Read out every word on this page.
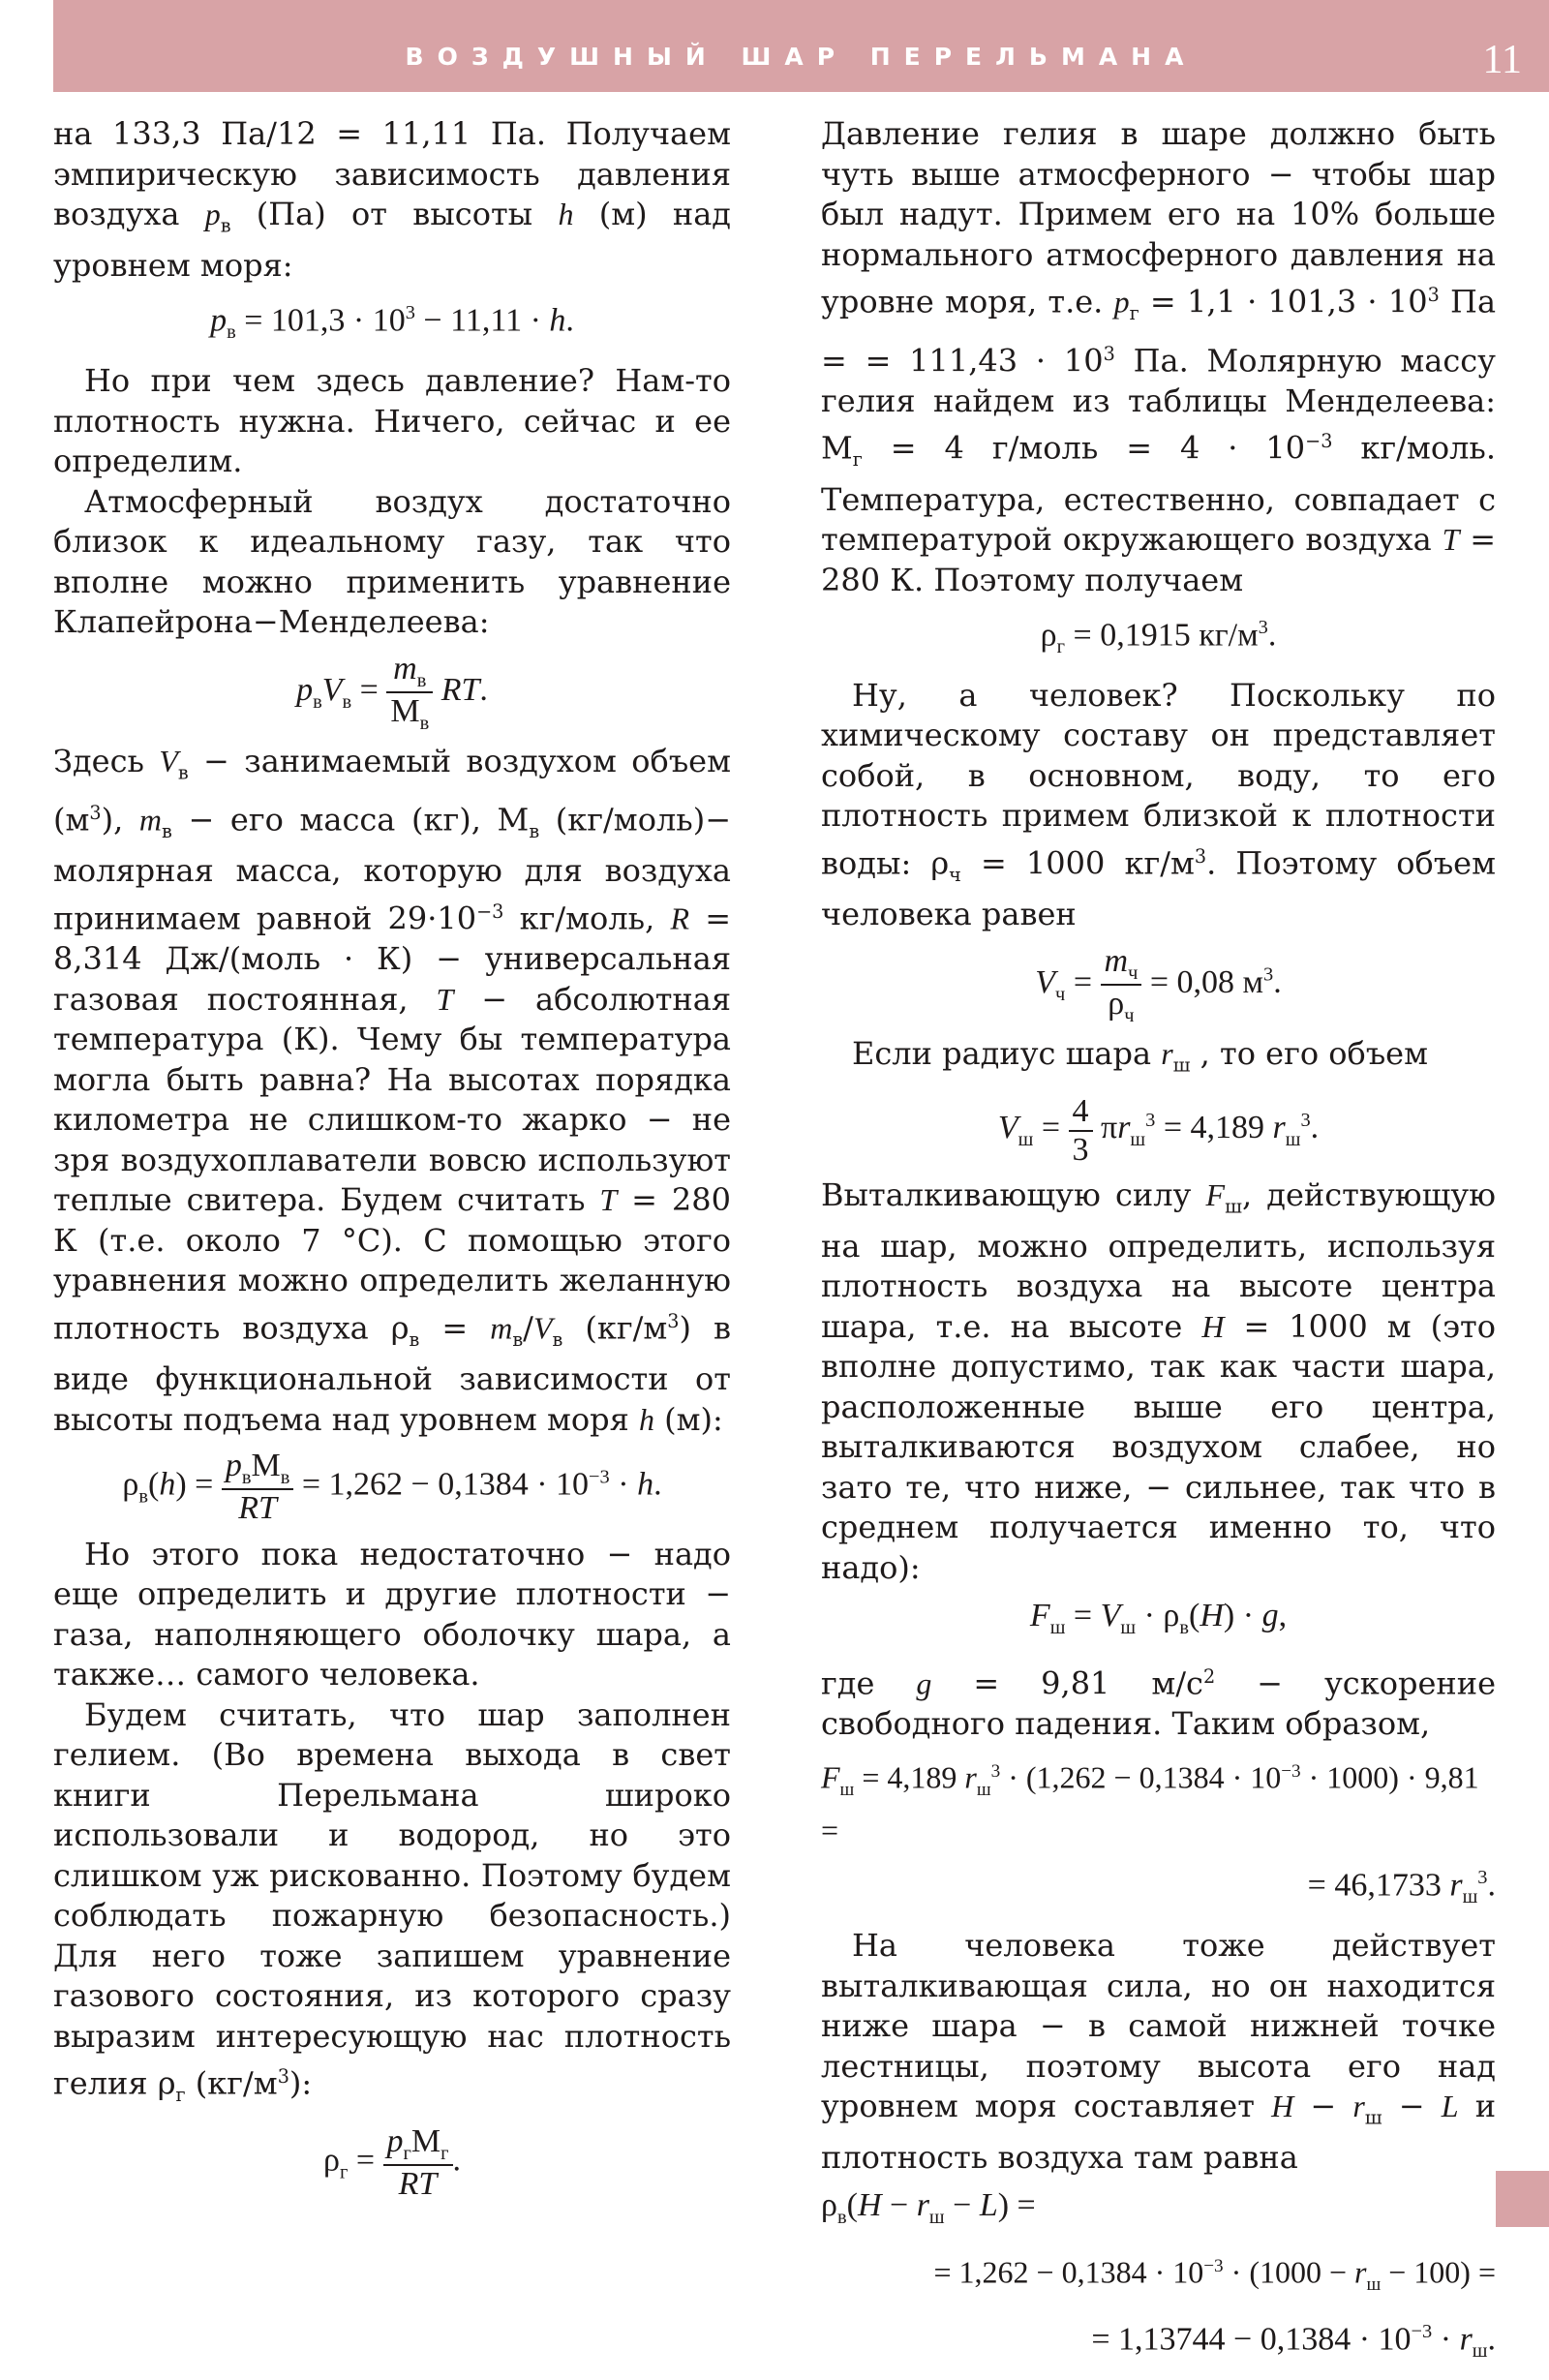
ВОЗДУШНЫЙ ШАР ПЕРЕЛЬМАНА	11

на 133,3 Па/12 = 11,11 Па. Получаем эмпирическую зависимость давления воздуха $p_в$ (Па) от высоты h (м) над уровнем моря:

$p_в = 101,3 \cdot 10^3 - 11,11 \cdot h$.

Но при чем здесь давление? Нам-то плотность нужна. Ничего, сейчас и ее определим.

Атмосферный воздух достаточно близок к идеальному газу, так что вполне можно применить уравнение Клапейрона−Менделеева:

$p_вV_в = \frac{m_в}{M_в}$ RT.

Здесь $V_в$ − занимаемый воздухом объем $(м^3)$, $m_в$ − его масса (кг), $M_в$ (кг/моль)− молярная масса, которую для воздуха принимаем равной $29\cdot 10^{-3}$ кг/моль, R = 8,314 Дж/(моль · К) − универсальная газовая постоянная, T − абсолютная температура (К). Чему бы температура могла быть равна? На высотах порядка километра не слишком-то жарко − не зря воздухоплаватели вовсю используют теплые свитера. Будем считать T = 280 К (т.е. около 7 °С). С помощью этого уравнения можно определить желанную плотность воздуха $\rho_в = m_в/V_в$ $(кг/м^3)$ в виде функциональной зависимости от высоты подъема над уровнем моря h (м):

$\rho_в(h) = \frac{p_вM_в}{RT} = 1,262 - 0,1384 \cdot 10^{-3} \cdot h$.

Но этого пока недостаточно − надо еще определить и другие плотности − газа, наполняющего оболочку шара, а также… самого человека.

Будем считать, что шар заполнен гелием. (Во времена выхода в свет книги Перельмана широко использовали и водород, но это слишком уж рискованно. Поэтому будем соблюдать пожарную безопасность.) Для него тоже запишем уравнение газового состояния, из которого сразу выразим интересующую нас плотность гелия $\rho_г$ $(кг/м^3)$:

$\rho_г = \frac{p_гM_г}{RT}$ .

Давление гелия в шаре должно быть чуть выше атмосферного − чтобы шар был надут. Примем его на 10% больше нормального атмосферного давления на уровне моря, т.е. $p_г = 1,1 \cdot 101,3 \cdot 10^3$ Па = = $111,43 \cdot 10^3$ Па. Молярную массу гелия найдем из таблицы Менделеева: $M_г = 4$ г/моль = $4 \cdot 10^{-3}$ кг/моль. Температура, естественно, совпадает с температурой окружающего воздуха T = 280 К. Поэтому получаем

$\rho_г = 0,1915$ $кг/м^3$.

Ну, а человек? Поскольку по химическому составу он представляет собой, в основном, воду, то его плотность примем близкой к плотности воды: $\rho_ч = 1000$ $кг/м^3$. Поэтому объем человека равен

$V_ч = \frac{m_ч}{\rho_ч} = 0,08$ $м^3$.

Если радиус шара $r_ш$ , то его объем

$V_ш = \frac{4}{3} \pi r_ш^3 = 4,189$ $r_ш^3$.

Выталкивающую силу $F_ш$, действующую на шар, можно определить, используя плотность воздуха на высоте центра шара, т.е. на высоте H = 1000 м (это вполне допустимо, так как части шара, расположенные выше его центра, выталкиваются воздухом слабее, но зато те, что ниже, − сильнее, так что в среднем получается именно то, что надо):

$F_ш = V_ш \cdot \rho_в(H) \cdot g$,

где g = 9,81 $м/с^2$ − ускорение свободного падения. Таким образом,

$F_ш = 4,189$ $r_ш^3 \cdot (1,262 - 0,1384 \cdot 10^{-3} \cdot 1000) \cdot 9,81$ =
= 46,1733 $r_ш^3$.

На человека тоже действует выталкивающая сила, но он находится ниже шара − в самой нижней точке лестницы, поэтому высота его над уровнем моря составляет $H - r_ш - L$ и плотность воздуха там равна

$\rho_в(H - r_ш - L)$ =
= $1,262 - 0,1384 \cdot 10^{-3} \cdot (1000 - r_ш - 100)$ =
= $1,13744 - 0,1384 \cdot 10^{-3} \cdot r_ш$.
